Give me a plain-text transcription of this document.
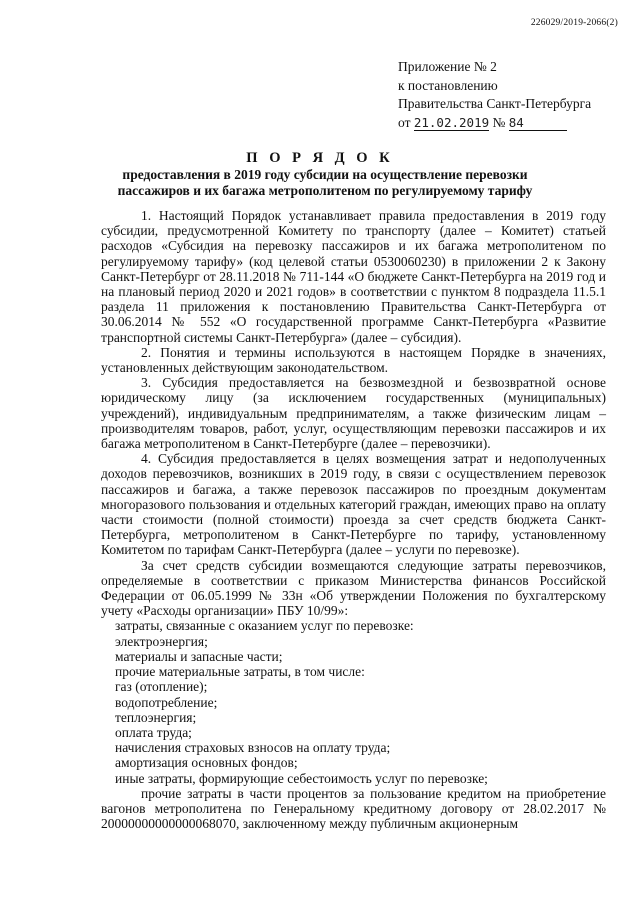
226029/2019-2066(2)
Приложение № 2
к постановлению
Правительства Санкт-Петербурга
от 21.02.2019 № 84
П О Р Я Д О К
предоставления в 2019 году субсидии на осуществление перевозки пассажиров и их багажа метрополитеном по регулируемому тарифу

1. Настоящий Порядок устанавливает правила предоставления в 2019 году субсидии, предусмотренной Комитету по транспорту (далее – Комитет) статьей расходов «Субсидия на перевозку пассажиров и их багажа метрополитеном по регулируемому тарифу» (код целевой статьи 0530060230) в приложении 2 к Закону Санкт-Петербург от 28.11.2018 № 711-144 «О бюджете Санкт-Петербурга на 2019 год и на плановый период 2020 и 2021 годов» в соответствии с пунктом 8 подраздела 11.5.1 раздела 11 приложения к постановлению Правительства Санкт-Петербурга от 30.06.2014 № 552 «О государственной программе Санкт-Петербурга «Развитие транспортной системы Санкт-Петербурга» (далее – субсидия).

2. Понятия и термины используются в настоящем Порядке в значениях, установленных действующим законодательством.

3. Субсидия предоставляется на безвозмездной и безвозвратной основе юридическому лицу (за исключением государственных (муниципальных) учреждений), индивидуальным предпринимателям, а также физическим лицам – производителям товаров, работ, услуг, осуществляющим перевозки пассажиров и их багажа метрополитеном в Санкт-Петербурге (далее – перевозчики).

4. Субсидия предоставляется в целях возмещения затрат и недополученных доходов перевозчиков, возникших в 2019 году, в связи с осуществлением перевозок пассажиров и багажа, а также перевозок пассажиров по проездным документам многоразового пользования и отдельных категорий граждан, имеющих право на оплату части стоимости (полной стоимости) проезда за счет средств бюджета Санкт-Петербурга, метрополитеном в Санкт-Петербурге по тарифу, установленному Комитетом по тарифам Санкт-Петербурга (далее – услуги по перевозке).

За счет средств субсидии возмещаются следующие затраты перевозчиков, определяемые в соответствии с приказом Министерства финансов Российской Федерации от 06.05.1999 № 33н «Об утверждении Положения по бухгалтерскому учету «Расходы организации» ПБУ 10/99»:

затраты, связанные с оказанием услуг по перевозке:

электроэнергия;

материалы и запасные части;

прочие материальные затраты, в том числе:

газ (отопление);

водопотребление;

теплоэнергия;

оплата труда;

начисления страховых взносов на оплату труда;

амортизация основных фондов;

иные затраты, формирующие себестоимость услуг по перевозке;

прочие затраты в части процентов за пользование кредитом на приобретение вагонов метрополитена по Генеральному кредитному договору от 28.02.2017 № 20000000000000068070, заключенному между публичным акционерным
